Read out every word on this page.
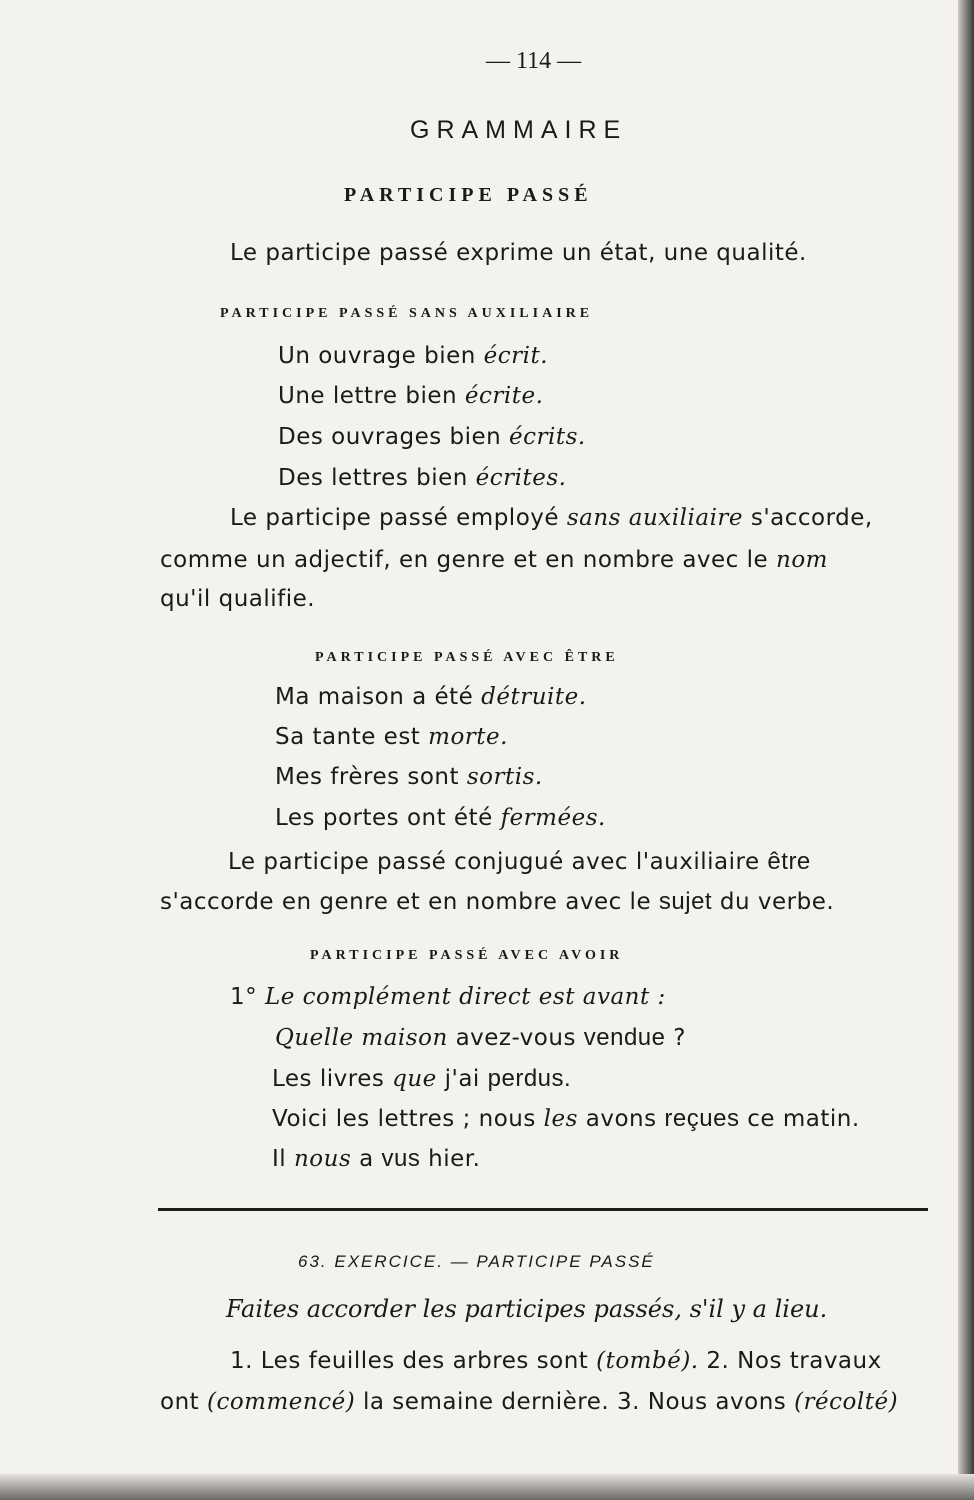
— 114 —
GRAMMAIRE
PARTICIPE PASSÉ
Le participe passé exprime un état, une qualité.
PARTICIPE PASSÉ SANS AUXILIAIRE
Un ouvrage bien écrit.
Une lettre bien écrite.
Des ouvrages bien écrits.
Des lettres bien écrites.
Le participe passé employé sans auxiliaire s'accorde,
comme un adjectif, en genre et en nombre avec le nom
qu'il qualifie.
PARTICIPE PASSÉ AVEC ÊTRE
Ma maison a été détruite.
Sa tante est morte.
Mes frères sont sortis.
Les portes ont été fermées.
Le participe passé conjugué avec l'auxiliaire être
s'accorde en genre et en nombre avec le sujet du verbe.
PARTICIPE PASSÉ AVEC AVOIR
1° Le complément direct est avant :
Quelle maison avez-vous vendue ?
Les livres que j'ai perdus.
Voici les lettres ; nous les avons reçues ce matin.
Il nous a vus hier.
63. EXERCICE. — PARTICIPE PASSÉ
Faites accorder les participes passés, s'il y a lieu.
1. Les feuilles des arbres sont (tombé). 2. Nos travaux
ont (commencé) la semaine dernière. 3. Nous avons (récolté)
